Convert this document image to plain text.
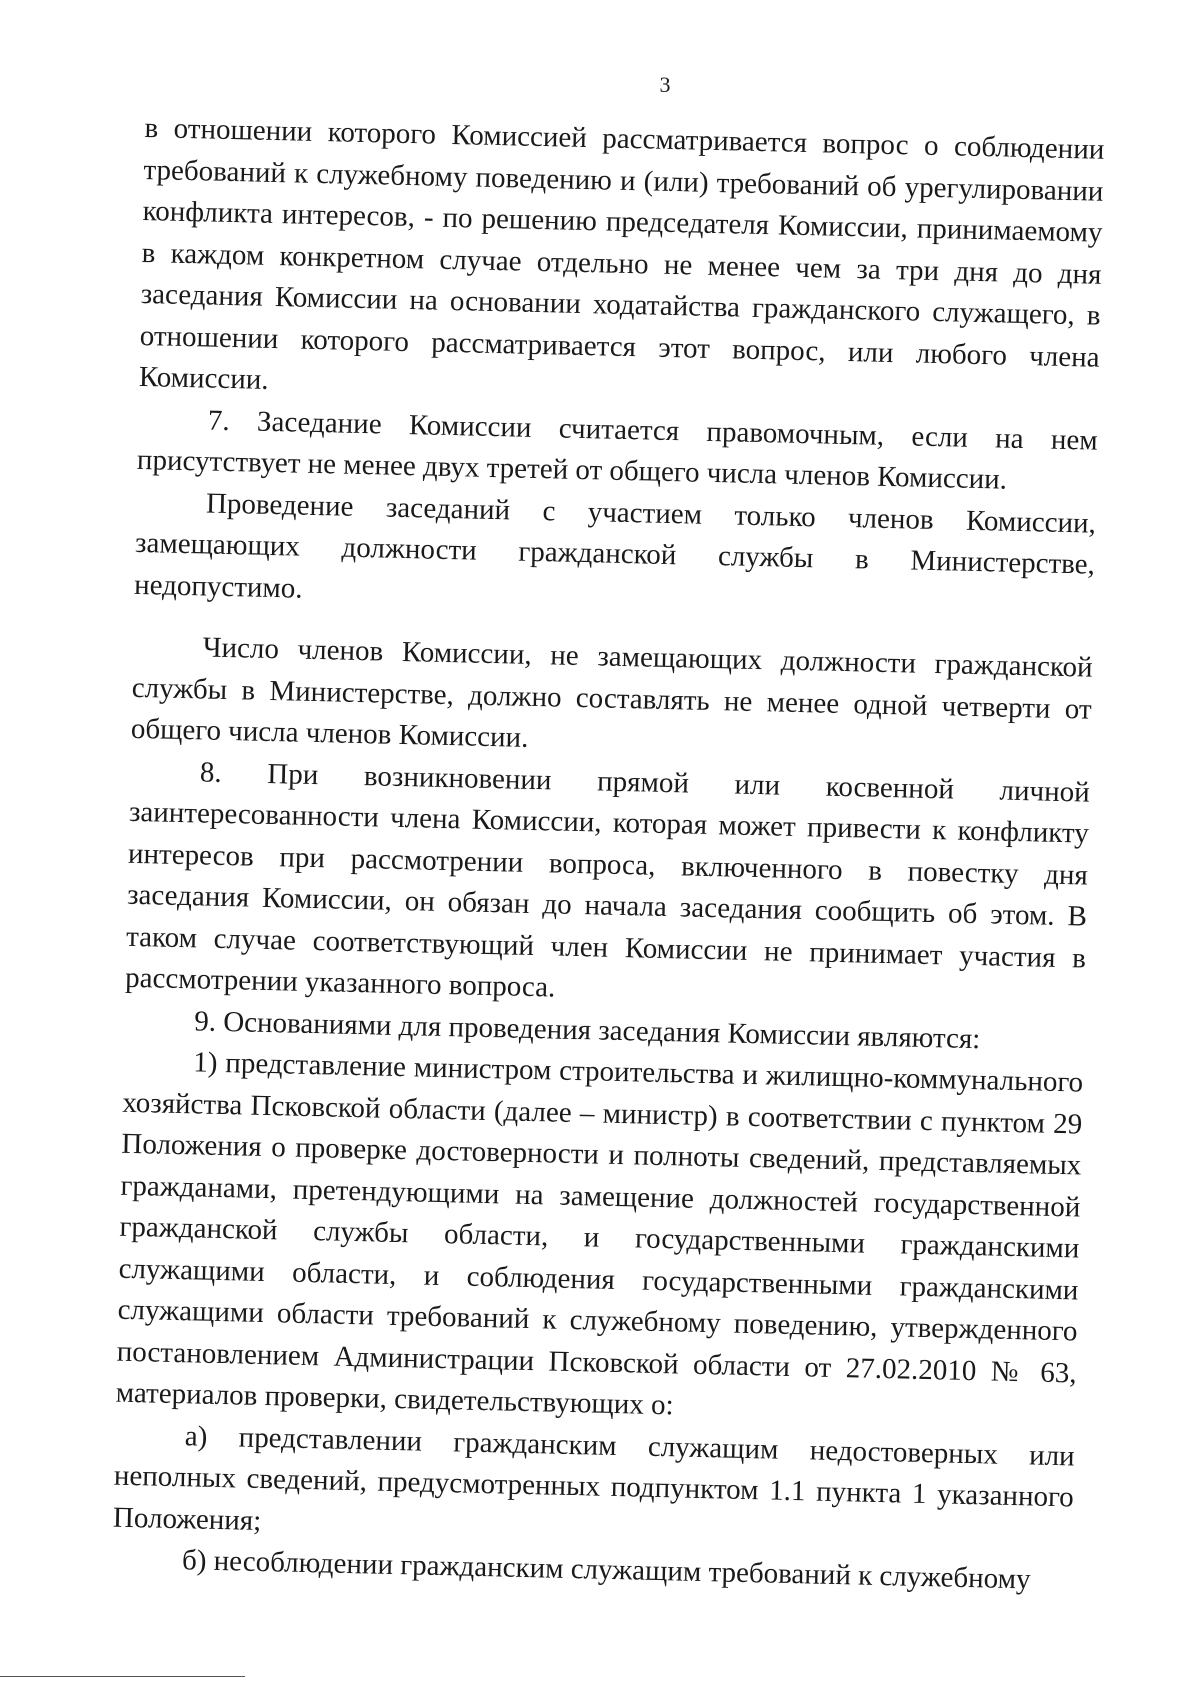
3

в отношении которого Комиссией рассматривается вопрос о соблюдении требований к служебному поведению и (или) требований об урегулировании конфликта интересов, - по решению председателя Комиссии, принимаемому в каждом конкретном случае отдельно не менее чем за три дня до дня заседания Комиссии на основании ходатайства гражданского служащего, в отношении которого рассматривается этот вопрос, или любого члена Комиссии.

7. Заседание Комиссии считается правомочным, если на нем присутствует не менее двух третей от общего числа членов Комиссии.

Проведение заседаний с участием только членов Комиссии, замещающих должности гражданской службы в Министерстве, недопустимо.

Число членов Комиссии, не замещающих должности гражданской службы в Министерстве, должно составлять не менее одной четверти от общего числа членов Комиссии.

8. При возникновении прямой или косвенной личной заинтересованности члена Комиссии, которая может привести к конфликту интересов при рассмотрении вопроса, включенного в повестку дня заседания Комиссии, он обязан до начала заседания сообщить об этом. В таком случае соответствующий член Комиссии не принимает участия в рассмотрении указанного вопроса.

9. Основаниями для проведения заседания Комиссии являются:

1) представление министром строительства и жилищно-коммунального хозяйства Псковской области (далее – министр) в соответствии с пунктом 29 Положения о проверке достоверности и полноты сведений, представляемых гражданами, претендующими на замещение должностей государственной гражданской службы области, и государственными гражданскими служащими области, и соблюдения государственными гражданскими служащими области требований к служебному поведению, утвержденного постановлением Администрации Псковской области от 27.02.2010 № 63, материалов проверки, свидетельствующих о:

а) представлении гражданским служащим недостоверных или неполных сведений, предусмотренных подпунктом 1.1 пункта 1 указанного Положения;

б) несоблюдении гражданским служащим требований к служебному
